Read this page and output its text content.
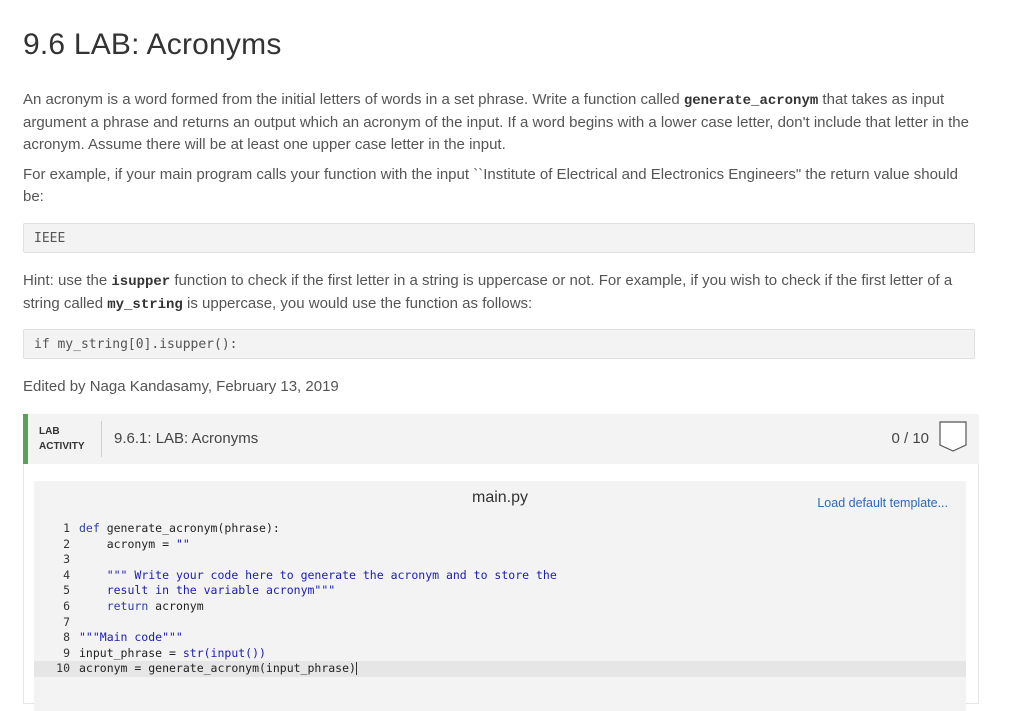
9.6 LAB: Acronyms

An acronym is a word formed from the initial letters of words in a set phrase. Write a function called generate_acronym that takes as input argument a phrase and returns an output which an acronym of the input. If a word begins with a lower case letter, don't include that letter in the acronym. Assume there will be at least one upper case letter in the input.

For example, if your main program calls your function with the input ``Institute of Electrical and Electronics Engineers" the return value should be:

IEEE

Hint: use the isupper function to check if the first letter in a string is uppercase or not. For example, if you wish to check if the first letter of a string called my_string is uppercase, you would use the function as follows:

if my_string[0].isupper():

Edited by Naga Kandasamy, February 13, 2019

LAB
ACTIVITY 9.6.1: LAB: Acronyms	0 / 10
main.py	Load default template...
1 def generate_acronym(phrase):
2    acronym = ""
3
4	""" Write your code here to generate the acronym and to store the
5	result in the variable acronym"""
6	return acronym
7
8 """Main code"""
9 input_phrase = str(input())
10 acronym = generate_acronym(input_phrase)
